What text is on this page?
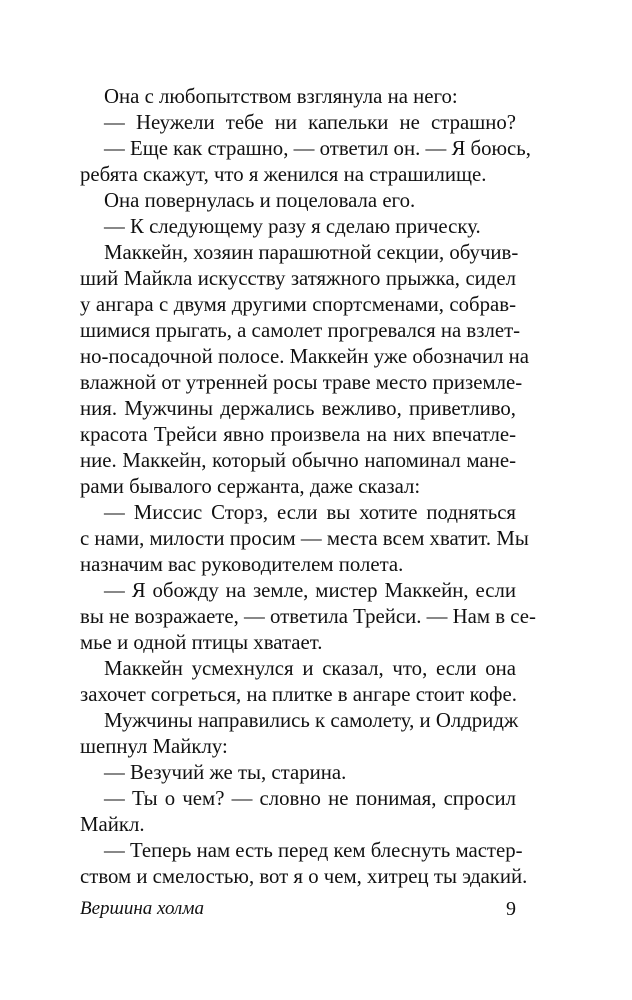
Она с любопытством взглянула на него:
— Неужели тебе ни капельки не страшно?
— Еще как страшно, — ответил он. — Я боюсь,
ребята скажут, что я женился на страшилище.
Она повернулась и поцеловала его.
— К следующему разу я сделаю прическу.
Маккейн, хозяин парашютной секции, обучив-
ший Майкла искусству затяжного прыжка, сидел
у ангара с двумя другими спортсменами, собрав-
шимися прыгать, а самолет прогревался на взлет-
но-посадочной полосе. Маккейн уже обозначил на
влажной от утренней росы траве место приземле-
ния. Мужчины держались вежливо, приветливо,
красота Трейси явно произвела на них впечатле-
ние. Маккейн, который обычно напоминал мане-
рами бывалого сержанта, даже сказал:
— Миссис Сторз, если вы хотите подняться
с нами, милости просим — места всем хватит. Мы
назначим вас руководителем полета.
— Я обожду на земле, мистер Маккейн, если
вы не возражаете, — ответила Трейси. — Нам в се-
мье и одной птицы хватает.
Маккейн усмехнулся и сказал, что, если она
захочет согреться, на плитке в ангаре стоит кофе.
Мужчины направились к самолету, и Олдридж
шепнул Майклу:
— Везучий же ты, старина.
— Ты о чем? — словно не понимая, спросил
Майкл.
— Теперь нам есть перед кем блеснуть мастер-
ством и смелостью, вот я о чем, хитрец ты эдакий.
Вершина холма	9
